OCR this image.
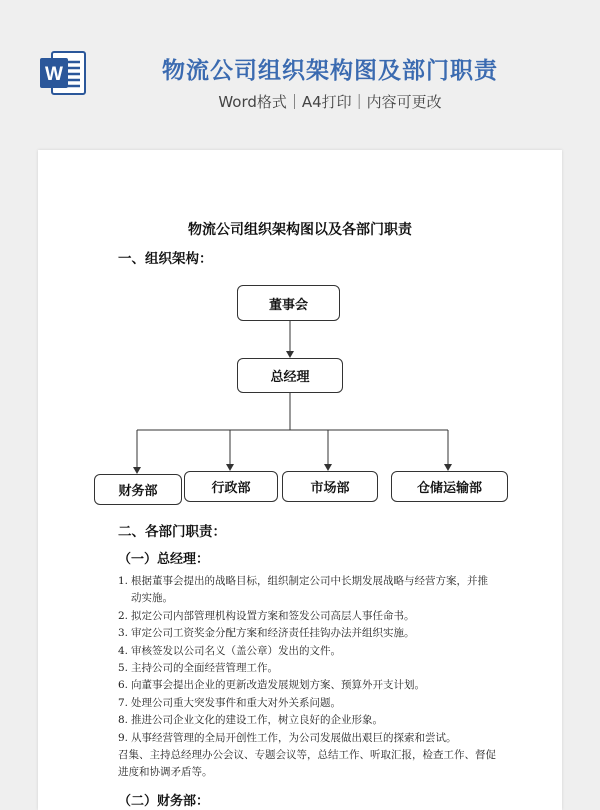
W	物流公司组织架构图及部门职责
Word格式｜A4打印｜内容可更改
物流公司组织架构图以及各部门职责
一、组织架构：
董事会
总经理
财务部	行政部	市场部	仓储运输部
二、各部门职责：
（一）总经理：
1. 根据董事会提出的战略目标，组织制定公司中长期发展战略与经营方案，并推动实施。
2. 拟定公司内部管理机构设置方案和签发公司高层人事任命书。
3. 审定公司工资奖金分配方案和经济责任挂钩办法并组织实施。
4. 审核签发以公司名义（盖公章）发出的文件。
5. 主持公司的全面经营管理工作。
6. 向董事会提出企业的更新改造发展规划方案、预算外开支计划。
7. 处理公司重大突发事件和重大对外关系问题。
8. 推进公司企业文化的建设工作，树立良好的企业形象。
9. 从事经营管理的全局开创性工作，为公司发展做出艰巨的探索和尝试。
召集、主持总经理办公会议、专题会议等，总结工作、听取汇报，检查工作、督促进度和协调矛盾等。
（二）财务部：
